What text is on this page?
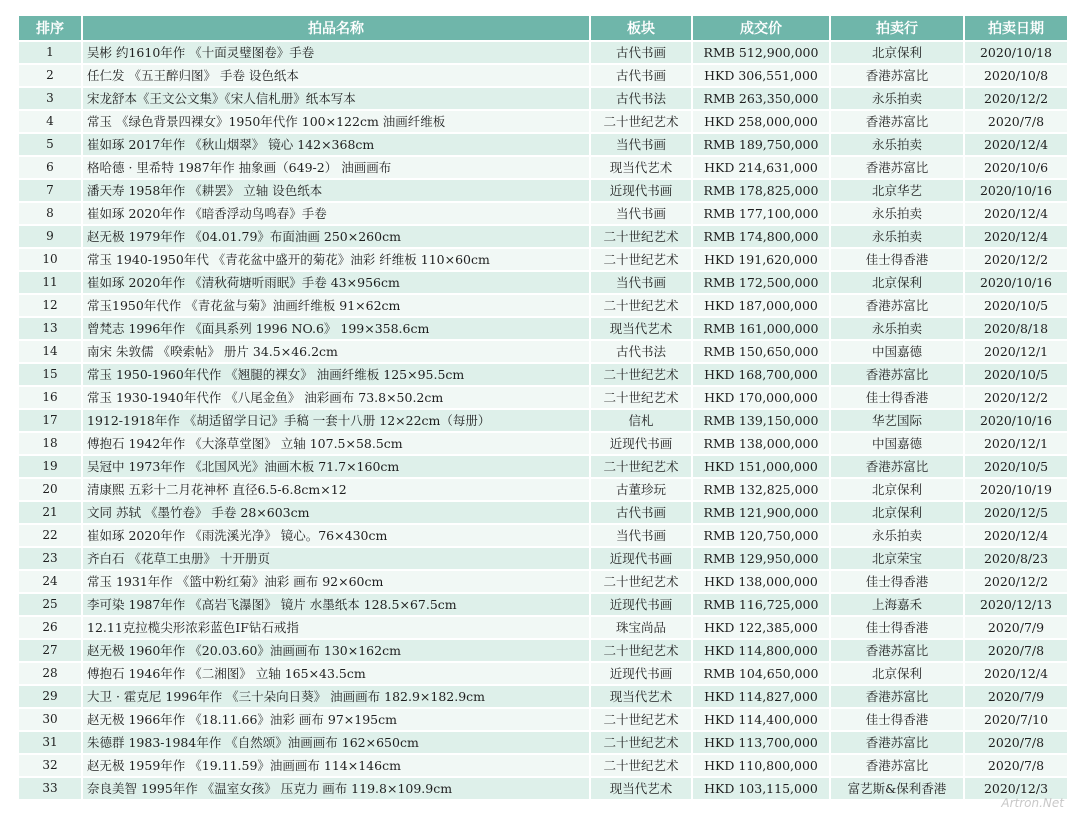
排序	拍品名称	板块	成交价	拍卖行	拍卖日期
1	吴彬 约1610年作 《十面灵璧图卷》手卷	古代书画	RMB 512,900,000	北京保利	2020/10/18
2	任仁发 《五王醉归图》 手卷 设色纸本	古代书画	HKD 306,551,000	香港苏富比	2020/10/8
3	宋龙舒本《王文公文集》《宋人信札册》纸本写本	古代书法	RMB 263,350,000	永乐拍卖	2020/12/2
4	常玉 《绿色背景四裸女》1950年代作 100×122cm 油画纤维板	二十世纪艺术	HKD 258,000,000	香港苏富比	2020/7/8
5	崔如琢 2017年作 《秋山烟翠》 镜心 142×368cm	当代书画	RMB 189,750,000	永乐拍卖	2020/12/4
6	格哈德 · 里希特 1987年作 抽象画（649-2） 油画画布	现当代艺术	HKD 214,631,000	香港苏富比	2020/10/6
7	潘天寿 1958年作 《耕罢》 立轴 设色纸本	近现代书画	RMB 178,825,000	北京华艺	2020/10/16
8	崔如琢 2020年作 《暗香浮动鸟鸣春》手卷	当代书画	RMB 177,100,000	永乐拍卖	2020/12/4
9	赵无极 1979年作 《04.01.79》布面油画 250×260cm	二十世纪艺术	RMB 174,800,000	永乐拍卖	2020/12/4
10	常玉 1940-1950年代 《青花盆中盛开的菊花》油彩 纤维板 110×60cm	二十世纪艺术	HKD 191,620,000	佳士得香港	2020/12/2
11	崔如琢 2020年作 《清秋荷塘听雨眠》手卷 43×956cm	当代书画	RMB 172,500,000	北京保利	2020/10/16
12	常玉1950年代作 《青花盆与菊》油画纤维板 91×62cm	二十世纪艺术	HKD 187,000,000	香港苏富比	2020/10/5
13	曾梵志 1996年作 《面具系列 1996 NO.6》 199×358.6cm	现当代艺术	RMB 161,000,000	永乐拍卖	2020/8/18
14	南宋 朱敦儒 《暌索帖》 册片 34.5×46.2cm	古代书法	RMB 150,650,000	中国嘉德	2020/12/1
15	常玉 1950-1960年代作 《翘腿的裸女》 油画纤维板 125×95.5cm	二十世纪艺术	HKD 168,700,000	香港苏富比	2020/10/5
16	常玉 1930-1940年代作 《八尾金鱼》 油彩画布 73.8×50.2cm	二十世纪艺术	HKD 170,000,000	佳士得香港	2020/12/2
17	1912-1918年作 《胡适留学日记》手稿 一套十八册 12×22cm（每册）	信札	RMB 139,150,000	华艺国际	2020/10/16
18	傅抱石 1942年作 《大涤草堂图》 立轴 107.5×58.5cm	近现代书画	RMB 138,000,000	中国嘉德	2020/12/1
19	吴冠中 1973年作 《北国风光》油画木板 71.7×160cm	二十世纪艺术	HKD 151,000,000	香港苏富比	2020/10/5
20	清康熙 五彩十二月花神杯 直径6.5-6.8cm×12	古董珍玩	RMB 132,825,000	北京保利	2020/10/19
21	文同 苏轼 《墨竹卷》 手卷 28×603cm	古代书画	RMB 121,900,000	北京保利	2020/12/5
22	崔如琢 2020年作 《雨洗溪光净》 镜心。76×430cm	当代书画	RMB 120,750,000	永乐拍卖	2020/12/4
23	齐白石 《花草工虫册》 十开册页	近现代书画	RMB 129,950,000	北京荣宝	2020/8/23
24	常玉 1931年作 《篮中粉红菊》油彩 画布 92×60cm	二十世纪艺术	HKD 138,000,000	佳士得香港	2020/12/2
25	李可染 1987年作 《高岩飞瀑图》 镜片 水墨纸本 128.5×67.5cm	近现代书画	RMB 116,725,000	上海嘉禾	2020/12/13
26	12.11克拉榄尖形浓彩蓝色IF钻石戒指	珠宝尚品	HKD 122,385,000	佳士得香港	2020/7/9
27	赵无极 1960年作 《20.03.60》油画画布 130×162cm	二十世纪艺术	HKD 114,800,000	香港苏富比	2020/7/8
28	傅抱石 1946年作 《二湘图》 立轴 165×43.5cm	近现代书画	RMB 104,650,000	北京保利	2020/12/4
29	大卫 · 霍克尼 1996年作 《三十朵向日葵》 油画画布 182.9×182.9cm	现当代艺术	HKD 114,827,000	香港苏富比	2020/7/9
30	赵无极 1966年作 《18.11.66》油彩 画布 97×195cm	二十世纪艺术	HKD 114,400,000	佳士得香港	2020/7/10
31	朱德群 1983-1984年作 《自然颂》油画画布 162×650cm	二十世纪艺术	HKD 113,700,000	香港苏富比	2020/7/8
32	赵无极 1959年作 《19.11.59》油画画布 114×146cm	二十世纪艺术	HKD 110,800,000	香港苏富比	2020/7/8
33	奈良美智 1995年作 《温室女孩》 压克力 画布 119.8×109.9cm	现当代艺术	HKD 103,115,000	富艺斯&保利香港	2020/12/3
Artron.Net
